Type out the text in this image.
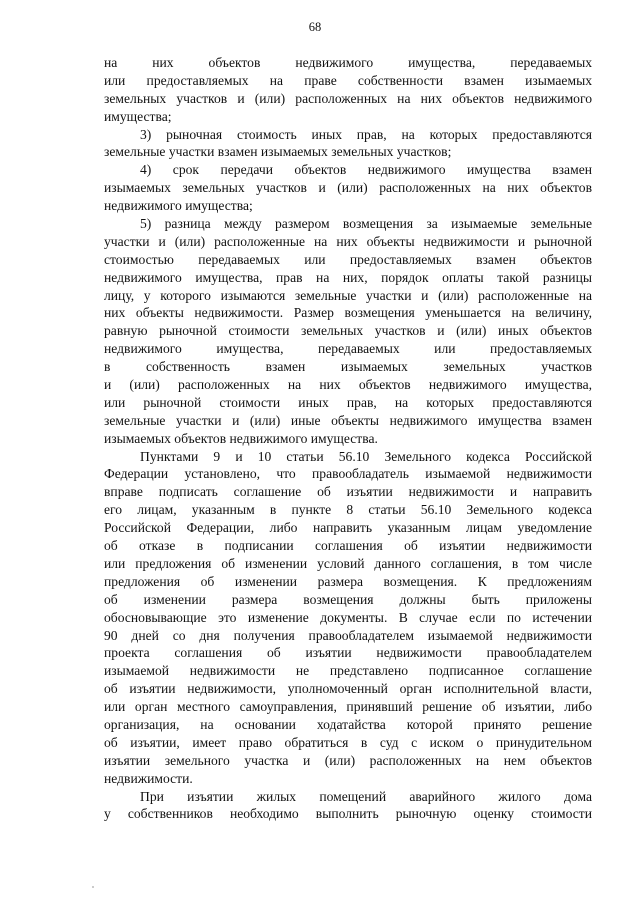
68
на них объектов недвижимого имущества, передаваемых
или предоставляемых на праве собственности взамен изымаемых
земельных участков и (или) расположенных на них объектов недвижимого
имущества;
3) рыночная стоимость иных прав, на которых предоставляются
земельные участки взамен изымаемых земельных участков;
4) срок передачи объектов недвижимого имущества взамен
изымаемых земельных участков и (или) расположенных на них объектов
недвижимого имущества;
5) разница между размером возмещения за изымаемые земельные
участки и (или) расположенные на них объекты недвижимости и рыночной
стоимостью передаваемых или предоставляемых взамен объектов
недвижимого имущества, прав на них, порядок оплаты такой разницы
лицу, у которого изымаются земельные участки и (или) расположенные на
них объекты недвижимости. Размер возмещения уменьшается на величину,
равную рыночной стоимости земельных участков и (или) иных объектов
недвижимого имущества, передаваемых или предоставляемых
в собственность взамен изымаемых земельных участков
и (или) расположенных на них объектов недвижимого имущества,
или рыночной стоимости иных прав, на которых предоставляются
земельные участки и (или) иные объекты недвижимого имущества взамен
изымаемых объектов недвижимого имущества.
Пунктами 9 и 10 статьи 56.10 Земельного кодекса Российской
Федерации установлено, что правообладатель изымаемой недвижимости
вправе подписать соглашение об изъятии недвижимости и направить
его лицам, указанным в пункте 8 статьи 56.10 Земельного кодекса
Российской Федерации, либо направить указанным лицам уведомление
об отказе в подписании соглашения об изъятии недвижимости
или предложения об изменении условий данного соглашения, в том числе
предложения об изменении размера возмещения. К предложениям
об изменении размера возмещения должны быть приложены
обосновывающие это изменение документы. В случае если по истечении
90 дней со дня получения правообладателем изымаемой недвижимости
проекта соглашения об изъятии недвижимости правообладателем
изымаемой недвижимости не представлено подписанное соглашение
об изъятии недвижимости, уполномоченный орган исполнительной власти,
или орган местного самоуправления, принявший решение об изъятии, либо
организация, на основании ходатайства которой принято решение
об изъятии, имеет право обратиться в суд с иском о принудительном
изъятии земельного участка и (или) расположенных на нем объектов
недвижимости.
При изъятии жилых помещений аварийного жилого дома
у собственников необходимо выполнить рыночную оценку стоимости
